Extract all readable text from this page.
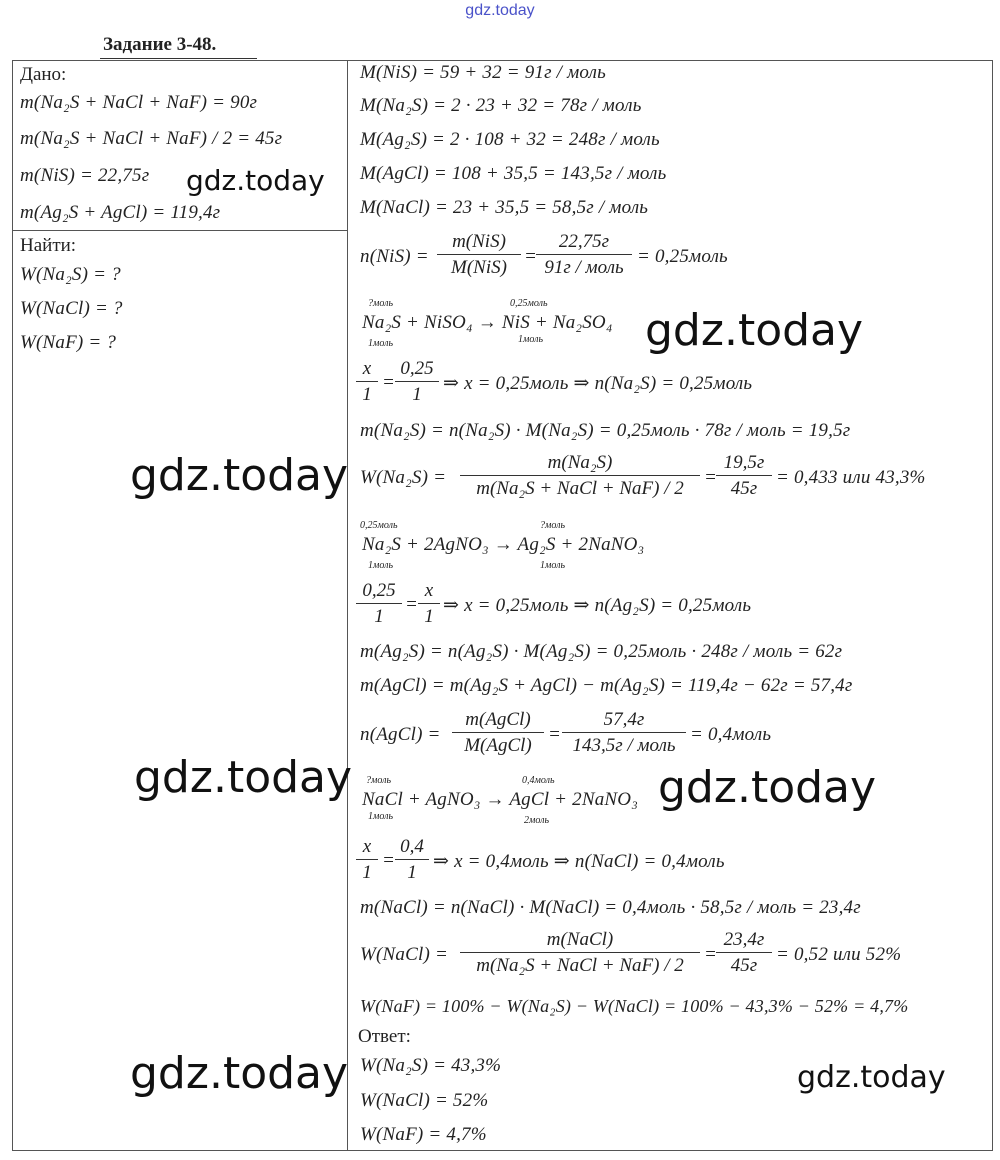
gdz.today
Задание 3-48.
Дано:
m(Na₂S + NaCl + NaF) = 90г
m(Na₂S + NaCl + NaF) / 2 = 45г
m(NiS) = 22,75г
m(Ag₂S + AgCl) = 119,4г
Найти:
W(Na₂S) = ?
W(NaCl) = ?
W(NaF) = ?
M(NiS) = 59 + 32 = 91г / моль
M(Na₂S) = 2 · 23 + 32 = 78г / моль
M(Ag₂S) = 2 · 108 + 32 = 248г / моль
M(AgCl) = 108 + 35,5 = 143,5г / моль
M(NaCl) = 23 + 35,5 = 58,5г / моль
n(NiS) =
m(NiS)
M(NiS)
=
22,75г
91г / моль
= 0,25моль
?моль	0,25моль
Na₂S + NiSO₄ → NiS + Na₂SO₄
1моль	1моль
$\frac{x}{1} = \frac{0,25}{1}$ ⇒ x = 0,25моль ⇒ n(Na₂S) = 0,25моль
m(Na₂S) = n(Na₂S) · M(Na₂S) = 0,25моль · 78г / моль = 19,5г
W(Na₂S) =
m(Na₂S)
m(Na₂S + NaCl + NaF) / 2
=
19,5г
45г
= 0,433 или 43,3%
0,25моль	?моль
Na₂S + 2AgNO₃ → Ag₂S + 2NaNO₃
1моль	1моль
$\frac{0,25}{1} = \frac{x}{1}$ ⇒ x = 0,25моль ⇒ n(Ag₂S) = 0,25моль
m(Ag₂S) = n(Ag₂S) · M(Ag₂S) = 0,25моль · 248г / моль = 62г
m(AgCl) = m(Ag₂S + AgCl) − m(Ag₂S) = 119,4г − 62г = 57,4г
n(AgCl) =
m(AgCl)
M(AgCl)
=
57,4г
143,5г / моль
= 0,4моль
?моль	0,4моль
NaCl + AgNO₃ → AgCl + 2NaNO₃
1моль	2моль
$\frac{x}{1} = \frac{0,4}{1}$ ⇒ x = 0,4моль ⇒ n(NaCl) = 0,4моль
m(NaCl) = n(NaCl) · M(NaCl) = 0,4моль · 58,5г / моль = 23,4г
W(NaCl) =
m(NaCl)
m(Na₂S + NaCl + NaF) / 2
=
23,4г
45г
= 0,52 или 52%
W(NaF) = 100% − W(Na₂S) − W(NaCl) = 100% − 43,3% − 52% = 4,7%
Ответ:
W(Na₂S) = 43,3%
W(NaCl) = 52%
W(NaF) = 4,7%
gdz.today
gdz.today
gdz.today
gdz.today	gdz.today
gdz.today	gdz.today
